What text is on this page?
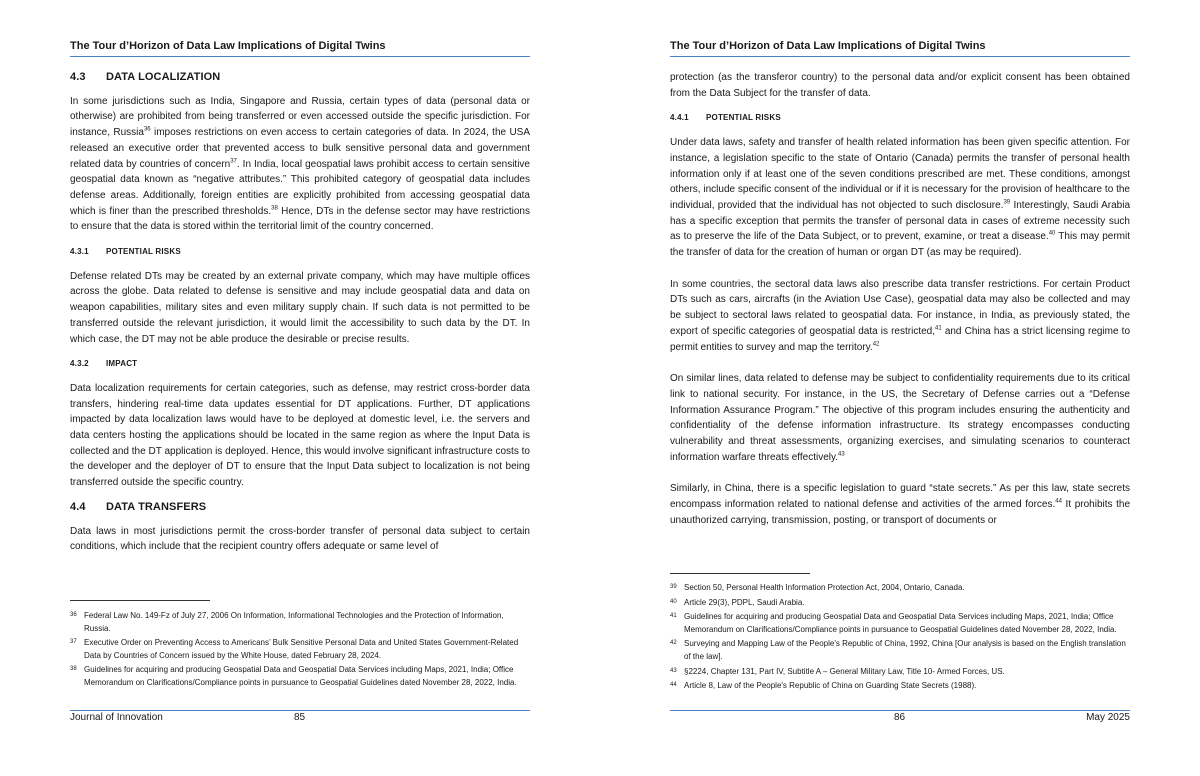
The Tour d’Horizon of Data Law Implications of Digital Twins
4.3 DATA LOCALIZATION

In some jurisdictions such as India, Singapore and Russia, certain types of data (personal data or otherwise) are prohibited from being transferred or even accessed outside the specific jurisdiction. For instance, Russia$^{36}$ imposes restrictions on even access to certain categories of data. In 2024, the USA released an executive order that prevented access to bulk sensitive personal data and government related data by countries of concern$^{37}$. In India, local geospatial laws prohibit access to certain sensitive geospatial data known as “negative attributes.” This prohibited category of geospatial data includes defense areas. Additionally, foreign entities are explicitly prohibited from accessing geospatial data which is finer than the prescribed thresholds.$^{38}$ Hence, DTs in the defense sector may have restrictions to ensure that the data is stored within the territorial limit of the country concerned.

4.3.1 POTENTIAL RISKS

Defense related DTs may be created by an external private company, which may have multiple offices across the globe. Data related to defense is sensitive and may include geospatial data and data on weapon capabilities, military sites and even military supply chain. If such data is not permitted to be transferred outside the relevant jurisdiction, it would limit the accessibility to such data by the DT. In which case, the DT may not be able produce the desirable or precise results.

4.3.2 IMPACT

Data localization requirements for certain categories, such as defense, may restrict cross-border data transfers, hindering real-time data updates essential for DT applications. Further, DT applications impacted by data localization laws would have to be deployed at domestic level, i.e. the servers and data centers hosting the applications should be located in the same region as where the Input Data is collected and the DT application is deployed. Hence, this would involve significant infrastructure costs to the developer and the deployer of DT to ensure that the Input Data subject to localization is not being transferred outside the specific country.

4.4 DATA TRANSFERS

Data laws in most jurisdictions permit the cross-border transfer of personal data subject to certain conditions, which include that the recipient country offers adequate or same level of

36 Federal Law No. 149-Fz of July 27, 2006 On Information, Informational Technologies and the Protection of Information, Russia.
37 Executive Order on Preventing Access to Americans’ Bulk Sensitive Personal Data and United States Government-Related Data by Countries of Concern issued by the White House, dated February 28, 2024.
38 Guidelines for acquiring and producing Geospatial Data and Geospatial Data Services including Maps, 2021, India; Office Memorandum on Clarifications/Compliance points in pursuance to Geospatial Guidelines dated November 28, 2022, India.
Journal of Innovation	85
The Tour d’Horizon of Data Law Implications of Digital Twins

protection (as the transferor country) to the personal data and/or explicit consent has been obtained from the Data Subject for the transfer of data.

4.4.1 POTENTIAL RISKS

Under data laws, safety and transfer of health related information has been given specific attention. For instance, a legislation specific to the state of Ontario (Canada) permits the transfer of personal health information only if at least one of the seven conditions prescribed are met. These conditions, amongst others, include specific consent of the individual or if it is necessary for the provision of healthcare to the individual, provided that the individual has not objected to such disclosure.$^{39}$ Interestingly, Saudi Arabia has a specific exception that permits the transfer of personal data in cases of extreme necessity such as to preserve the life of the Data Subject, or to prevent, examine, or treat a disease.$^{40}$ This may permit the transfer of data for the creation of human or organ DT (as may be required).

In some countries, the sectoral data laws also prescribe data transfer restrictions. For certain Product DTs such as cars, aircrafts (in the Aviation Use Case), geospatial data may also be collected and may be subject to sectoral laws related to geospatial data. For instance, in India, as previously stated, the export of specific categories of geospatial data is restricted,$^{41}$ and China has a strict licensing regime to permit entities to survey and map the territory.$^{42}$

On similar lines, data related to defense may be subject to confidentiality requirements due to its critical link to national security. For instance, in the US, the Secretary of Defense carries out a “Defense Information Assurance Program.” The objective of this program includes ensuring the authenticity and confidentiality of the defense information infrastructure. Its strategy encompasses conducting vulnerability and threat assessments, organizing exercises, and simulating scenarios to counteract information warfare threats effectively.$^{43}$

Similarly, in China, there is a specific legislation to guard “state secrets.” As per this law, state secrets encompass information related to national defense and activities of the armed forces.$^{44}$ It prohibits the unauthorized carrying, transmission, posting, or transport of documents or

39 Section 50, Personal Health Information Protection Act, 2004, Ontario, Canada.
40 Article 29(3), PDPL, Saudi Arabia.
41 Guidelines for acquiring and producing Geospatial Data and Geospatial Data Services including Maps, 2021, India; Office Memorandum on Clarifications/Compliance points in pursuance to Geospatial Guidelines dated November 28, 2022, India.
42 Surveying and Mapping Law of the People's Republic of China, 1992, China [Our analysis is based on the English translation of the law].
43 §2224, Chapter 131, Part IV, Subtitle A – General Military Law, Title 10- Armed Forces, US.
44 Article 8, Law of the People's Republic of China on Guarding State Secrets (1988).
86	May 2025
